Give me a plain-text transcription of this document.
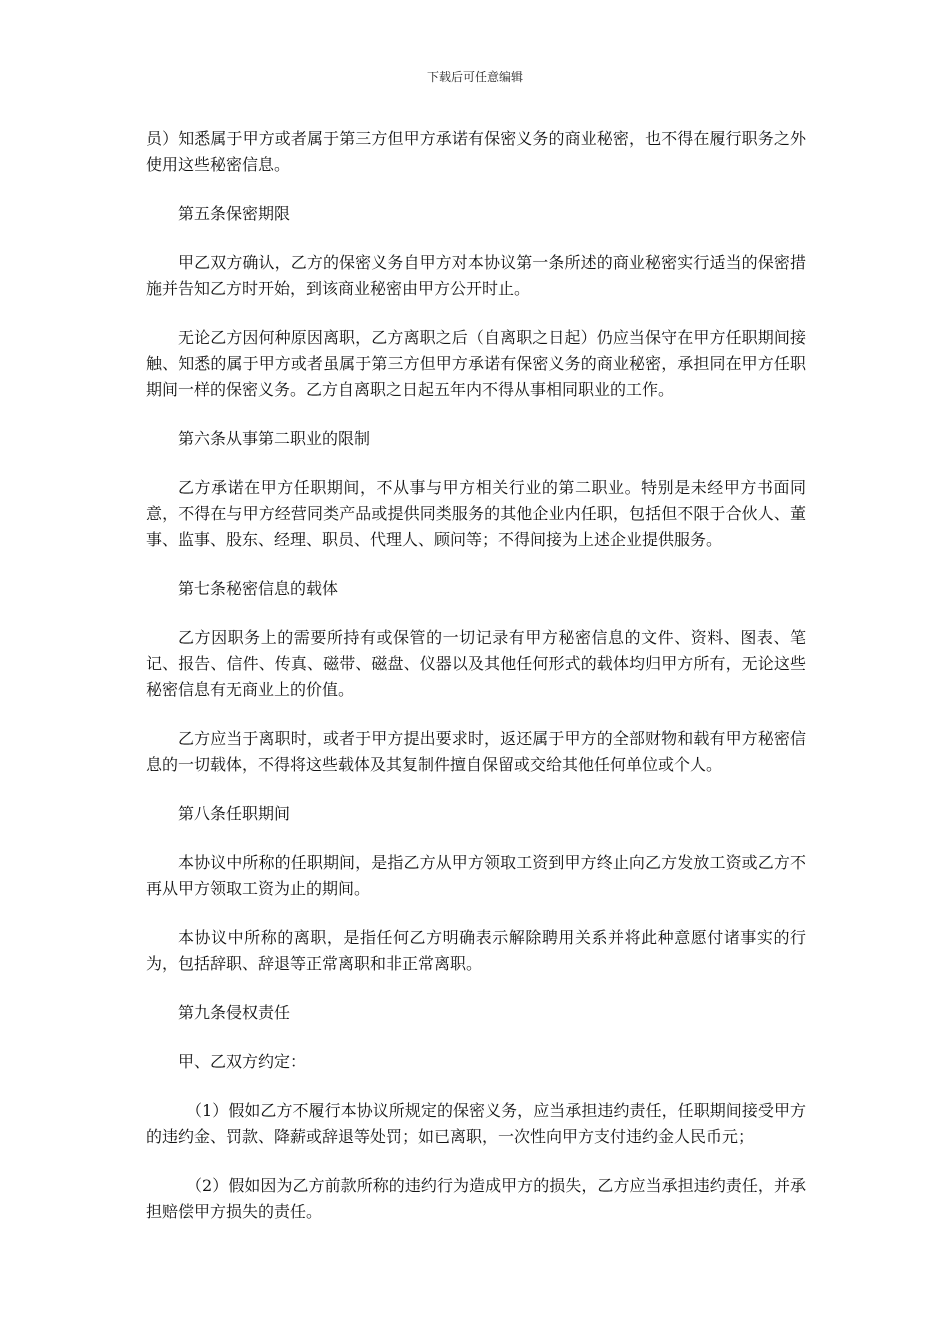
下载后可任意编辑

员）知悉属于甲方或者属于第三方但甲方承诺有保密义务的商业秘密，也不得在履行职务之外使用这些秘密信息。

第五条保密期限

甲乙双方确认，乙方的保密义务自甲方对本协议第一条所述的商业秘密实行适当的保密措施并告知乙方时开始，到该商业秘密由甲方公开时止。

无论乙方因何种原因离职，乙方离职之后（自离职之日起）仍应当保守在甲方任职期间接触、知悉的属于甲方或者虽属于第三方但甲方承诺有保密义务的商业秘密，承担同在甲方任职期间一样的保密义务。乙方自离职之日起五年内不得从事相同职业的工作。

第六条从事第二职业的限制

乙方承诺在甲方任职期间，不从事与甲方相关行业的第二职业。特别是未经甲方书面同意，不得在与甲方经营同类产品或提供同类服务的其他企业内任职，包括但不限于合伙人、董事、监事、股东、经理、职员、代理人、顾问等；不得间接为上述企业提供服务。

第七条秘密信息的载体

乙方因职务上的需要所持有或保管的一切记录有甲方秘密信息的文件、资料、图表、笔记、报告、信件、传真、磁带、磁盘、仪器以及其他任何形式的载体均归甲方所有，无论这些秘密信息有无商业上的价值。

乙方应当于离职时，或者于甲方提出要求时，返还属于甲方的全部财物和载有甲方秘密信息的一切载体，不得将这些载体及其复制件擅自保留或交给其他任何单位或个人。

第八条任职期间

本协议中所称的任职期间，是指乙方从甲方领取工资到甲方终止向乙方发放工资或乙方不再从甲方领取工资为止的期间。

本协议中所称的离职，是指任何乙方明确表示解除聘用关系并将此种意愿付诸事实的行为，包括辞职、辞退等正常离职和非正常离职。

第九条侵权责任

甲、乙双方约定：

（1）假如乙方不履行本协议所规定的保密义务，应当承担违约责任，任职期间接受甲方的违约金、罚款、降薪或辞退等处罚；如已离职，一次性向甲方支付违约金人民币元；

（2）假如因为乙方前款所称的违约行为造成甲方的损失，乙方应当承担违约责任，并承担赔偿甲方损失的责任。
